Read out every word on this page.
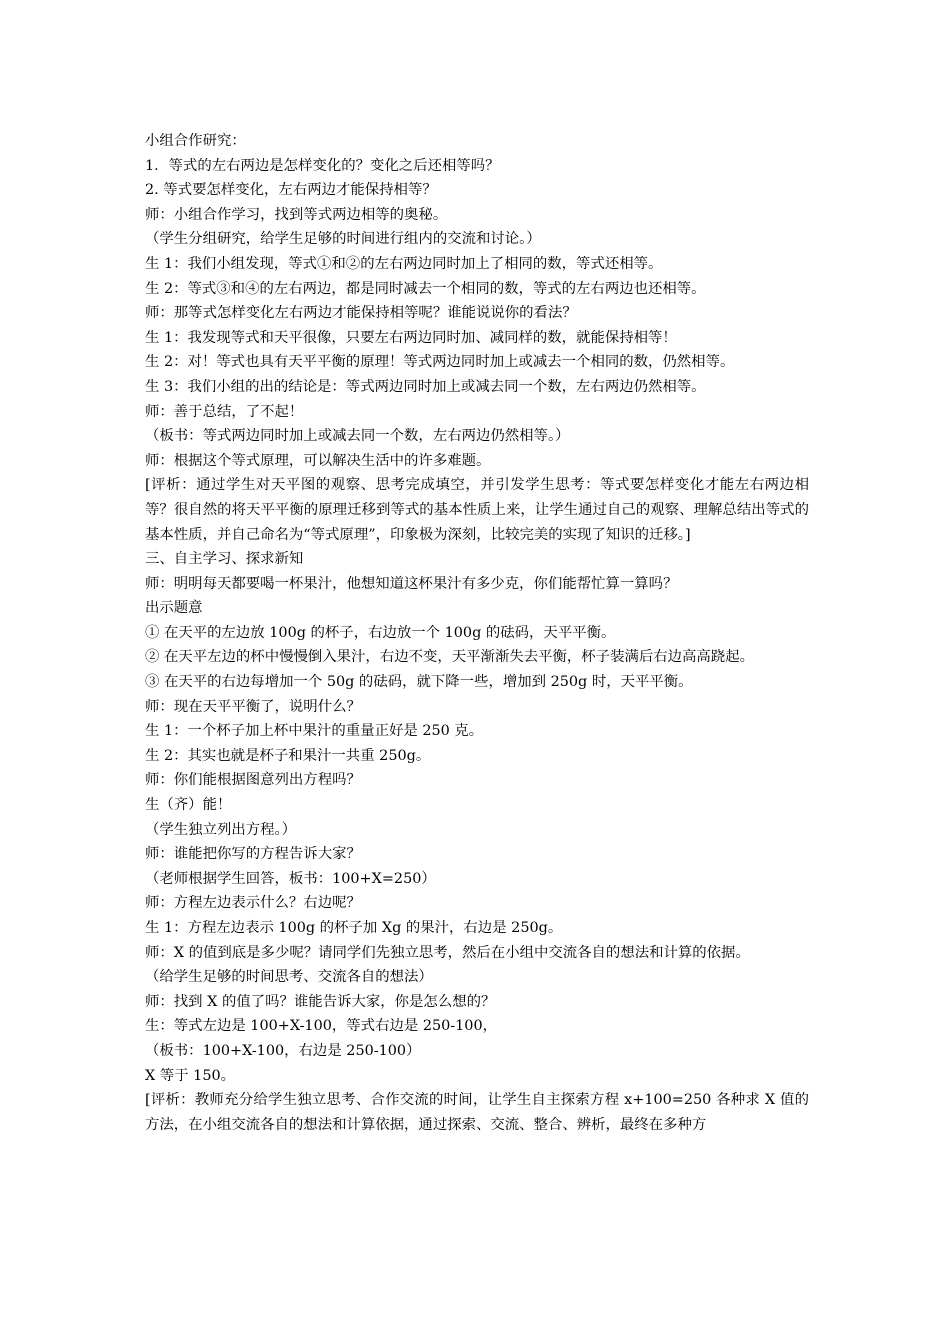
小组合作研究：
1．等式的左右两边是怎样变化的？变化之后还相等吗？
2. 等式要怎样变化，左右两边才能保持相等？
师：小组合作学习，找到等式两边相等的奥秘。
（学生分组研究，给学生足够的时间进行组内的交流和讨论。）
生 1：我们小组发现，等式①和②的左右两边同时加上了相同的数，等式还相等。
生 2：等式③和④的左右两边，都是同时减去一个相同的数，等式的左右两边也还相等。
师：那等式怎样变化左右两边才能保持相等呢？谁能说说你的看法？
生 1：我发现等式和天平很像，只要左右两边同时加、减同样的数，就能保持相等！
生 2：对！等式也具有天平平衡的原理！等式两边同时加上或减去一个相同的数，仍然相等。
生 3：我们小组的出的结论是：等式两边同时加上或减去同一个数，左右两边仍然相等。
师：善于总结，了不起！
（板书：等式两边同时加上或减去同一个数，左右两边仍然相等。）
师：根据这个等式原理，可以解决生活中的许多难题。
[评析：通过学生对天平图的观察、思考完成填空，并引发学生思考：等式要怎样变化才能左右两边相等？很自然的将天平平衡的原理迁移到等式的基本性质上来，让学生通过自己的观察、理解总结出等式的基本性质，并自己命名为“等式原理”，印象极为深刻，比较完美的实现了知识的迁移。]
三、自主学习、探求新知
师：明明每天都要喝一杯果汁，他想知道这杯果汁有多少克，你们能帮忙算一算吗？
出示题意
① 在天平的左边放 100g 的杯子，右边放一个 100g 的砝码，天平平衡。
② 在天平左边的杯中慢慢倒入果汁，右边不变，天平渐渐失去平衡，杯子装满后右边高高跷起。
③ 在天平的右边每增加一个 50g 的砝码，就下降一些，增加到 250g 时，天平平衡。
师：现在天平平衡了，说明什么？
生 1：一个杯子加上杯中果汁的重量正好是 250 克。
生 2：其实也就是杯子和果汁一共重 250g。
师：你们能根据图意列出方程吗？
生（齐）能！
（学生独立列出方程。）
师：谁能把你写的方程告诉大家？
（老师根据学生回答，板书：100+X=250）
师：方程左边表示什么？右边呢？
生 1：方程左边表示 100g 的杯子加 Xg 的果汁，右边是 250g。
师：X 的值到底是多少呢？请同学们先独立思考，然后在小组中交流各自的想法和计算的依据。
（给学生足够的时间思考、交流各自的想法）
师：找到 X 的值了吗？谁能告诉大家，你是怎么想的？
生：等式左边是 100+X-100，等式右边是 250-100，
（板书：100+X-100，右边是 250-100）
X 等于 150。
[评析：教师充分给学生独立思考、合作交流的时间，让学生自主探索方程 x+100=250 各种求 X 值的方法，在小组交流各自的想法和计算依据，通过探索、交流、整合、辨析，最终在多种方
